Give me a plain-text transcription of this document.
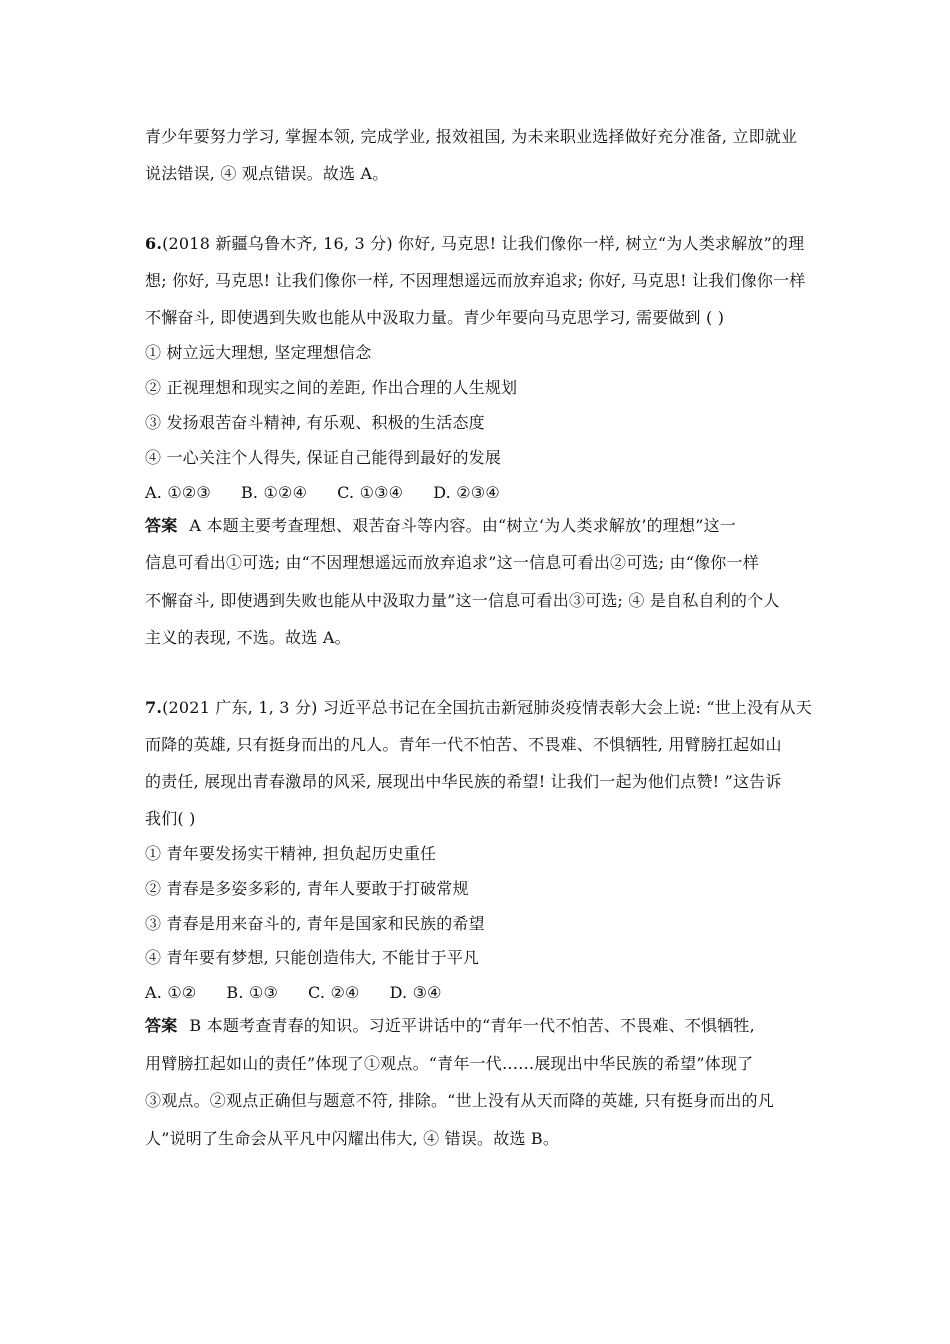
青少年要努力学习, 掌握本领, 完成学业, 报效祖国, 为未来职业选择做好充分准备, 立即就业
说法错误, ④ 观点错误。故选 A。
6.(2018 新疆乌鲁木齐, 16, 3 分) 你好, 马克思! 让我们像你一样, 树立“为人类求解放”的理
想; 你好, 马克思! 让我们像你一样, 不因理想遥远而放弃追求; 你好, 马克思! 让我们像你一样
不懈奋斗, 即使遇到失败也能从中汲取力量。青少年要向马克思学习, 需要做到 ( )
① 树立远大理想, 坚定理想信念
② 正视理想和现实之间的差距, 作出合理的人生规划
③ 发扬艰苦奋斗精神, 有乐观、积极的生活态度
④ 一心关注个人得失, 保证自己能得到最好的发展
A. ①②③ B. ①②④ C. ①③④ D. ②③④
答案 A 本题主要考查理想、艰苦奋斗等内容。由“树立‘为人类求解放’的理想”这一
信息可看出①可选; 由“不因理想遥远而放弃追求”这一信息可看出②可选; 由“像你一样
不懈奋斗, 即使遇到失败也能从中汲取力量”这一信息可看出③可选; ④ 是自私自利的个人
主义的表现, 不选。故选 A。
7.(2021 广东, 1, 3 分) 习近平总书记在全国抗击新冠肺炎疫情表彰大会上说: “世上没有从天
而降的英雄, 只有挺身而出的凡人。青年一代不怕苦、不畏难、不惧牺牲, 用臂膀扛起如山
的责任, 展现出青春激昂的风采, 展现出中华民族的希望! 让我们一起为他们点赞! ”这告诉
我们( )
① 青年要发扬实干精神, 担负起历史重任
② 青春是多姿多彩的, 青年人要敢于打破常规
③ 青春是用来奋斗的, 青年是国家和民族的希望
④ 青年要有梦想, 只能创造伟大, 不能甘于平凡
A. ①② B. ①③ C. ②④ D. ③④
答案 B 本题考查青春的知识。习近平讲话中的“青年一代不怕苦、不畏难、不惧牺牲,
用臂膀扛起如山的责任”体现了①观点。“青年一代……展现出中华民族的希望”体现了
③观点。②观点正确但与题意不符, 排除。“世上没有从天而降的英雄, 只有挺身而出的凡
人”说明了生命会从平凡中闪耀出伟大, ④ 错误。故选 B。
